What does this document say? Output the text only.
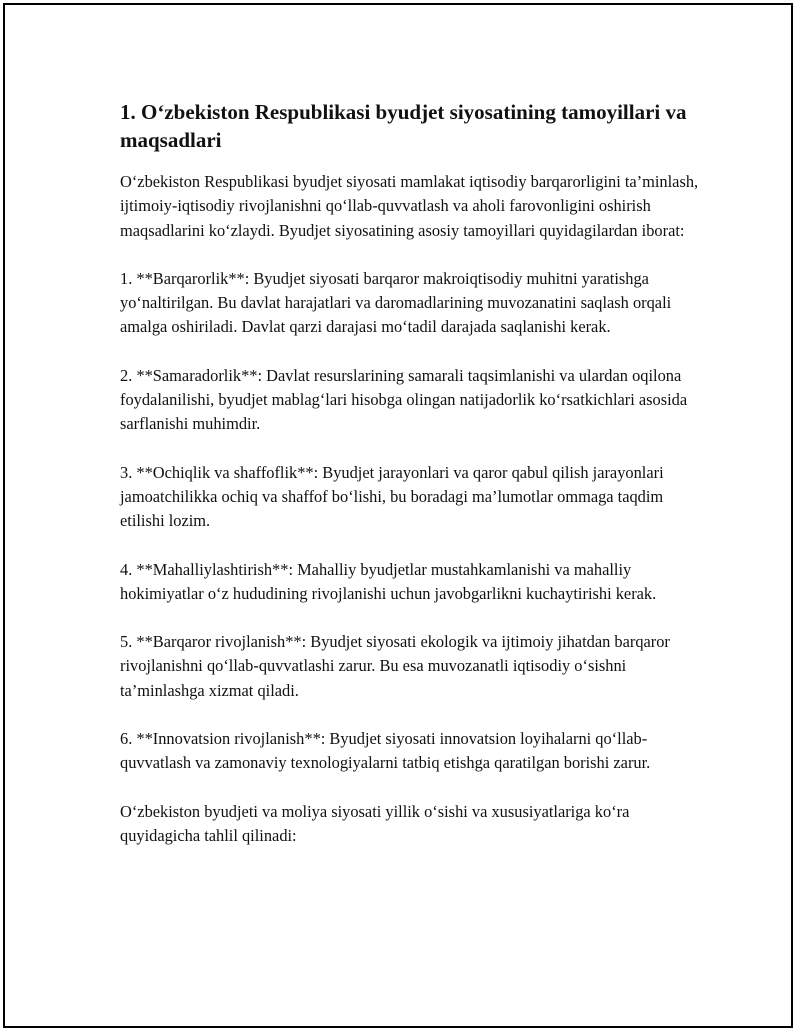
1. O‘zbekiston Respublikasi byudjet siyosatining tamoyillari va maqsadlari

O‘zbekiston Respublikasi byudjet siyosati mamlakat iqtisodiy barqarorligini ta’minlash, ijtimoiy-iqtisodiy rivojlanishni qo‘llab-quvvatlash va aholi farovonligini oshirish maqsadlarini ko‘zlaydi. Byudjet siyosatining asosiy tamoyillari quyidagilardan iborat:

1. **Barqarorlik**: Byudjet siyosati barqaror makroiqtisodiy muhitni yaratishga yo‘naltirilgan. Bu davlat harajatlari va daromadlarining muvozanatini saqlash orqali amalga oshiriladi. Davlat qarzi darajasi mo‘tadil darajada saqlanishi kerak.

2. **Samaradorlik**: Davlat resurslarining samarali taqsimlanishi va ulardan oqilona foydalanilishi, byudjet mablag‘lari hisobga olingan natijadorlik ko‘rsatkichlari asosida sarflanishi muhimdir.

3. **Ochiqlik va shaffoflik**: Byudjet jarayonlari va qaror qabul qilish jarayonlari jamoatchilikka ochiq va shaffof bo‘lishi, bu boradagi ma’lumotlar ommaga taqdim etilishi lozim.

4. **Mahalliylashtirish**: Mahalliy byudjetlar mustahkamlanishi va mahalliy hokimiyatlar o‘z hududining rivojlanishi uchun javobgarlikni kuchaytirishi kerak.

5. **Barqaror rivojlanish**: Byudjet siyosati ekologik va ijtimoiy jihatdan barqaror rivojlanishni qo‘llab-quvvatlashi zarur. Bu esa muvozanatli iqtisodiy o‘sishni ta’minlashga xizmat qiladi.

6. **Innovatsion rivojlanish**: Byudjet siyosati innovatsion loyihalarni qo‘llab-quvvatlash va zamonaviy texnologiyalarni tatbiq etishga qaratilgan borishi zarur.

O‘zbekiston byudjeti va moliya siyosati yillik o‘sishi va xususiyatlariga ko‘ra quyidagicha tahlil qilinadi:
